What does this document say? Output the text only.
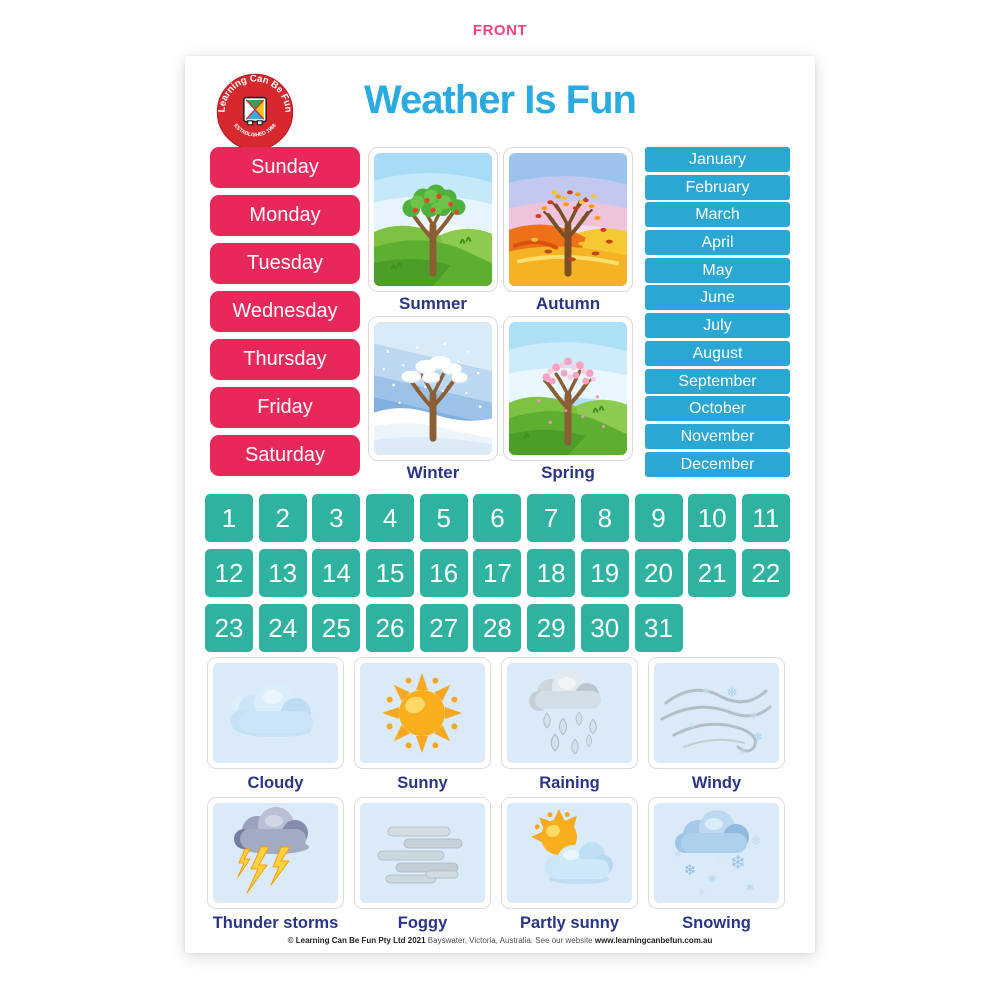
FRONT
Learning Can Be Fun
ESTABLISHED 1988
Weather Is Fun
Sunday
Monday
Tuesday
Wednesday
Thursday
Friday
Saturday
Summer	Autumn
Winter	Spring
January
February
March
April
May
June
July
August
September
October
November
December
1	2	3	4	5	6	7	8	9	10 11
12 13 14 15 16 17 18 19 20 21 22
23 24 25 26 27 28 29 30 31
Cloudy	Sunny	Raining
❄
❄
❄
❄
❄
❄
Windy
Thunder storms	Foggy	Partly sunny
❄
❄
❄
❄
❄
❄
❄
❄
Snowing
© Learning Can Be Fun Pty Ltd 2021 Bayswater, Victoria, Australia. See our website www.learningcanbefun.com.au
